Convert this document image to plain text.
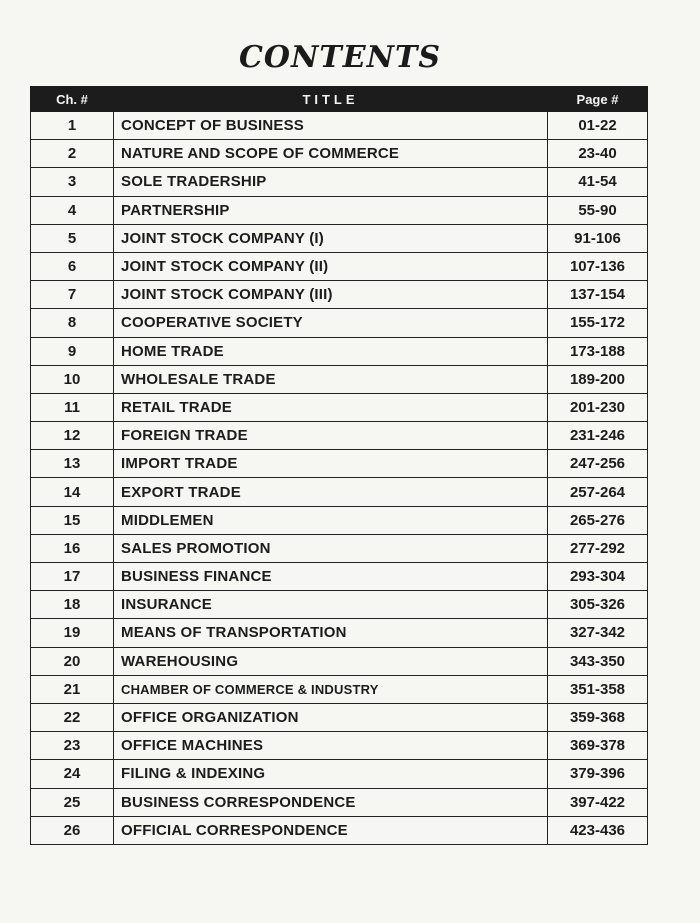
CONTENTS
Ch. #	TITLE	Page #
1	CONCEPT OF BUSINESS	01-22
2	NATURE AND SCOPE OF COMMERCE	23-40
3	SOLE TRADERSHIP	41-54
4	PARTNERSHIP	55-90
5	JOINT STOCK COMPANY (I)	91-106
6	JOINT STOCK COMPANY (II)	107-136
7	JOINT STOCK COMPANY (III)	137-154
8	COOPERATIVE SOCIETY	155-172
9	HOME TRADE	173-188
10	WHOLESALE TRADE	189-200
11	RETAIL TRADE	201-230
12	FOREIGN TRADE	231-246
13	IMPORT TRADE	247-256
14	EXPORT TRADE	257-264
15	MIDDLEMEN	265-276
16	SALES PROMOTION	277-292
17	BUSINESS FINANCE	293-304
18	INSURANCE	305-326
19	MEANS OF TRANSPORTATION	327-342
20	WAREHOUSING	343-350
21	CHAMBER OF COMMERCE & INDUSTRY	351-358
22	OFFICE ORGANIZATION	359-368
23	OFFICE MACHINES	369-378
24	FILING & INDEXING	379-396
25	BUSINESS CORRESPONDENCE	397-422
26	OFFICIAL CORRESPONDENCE	423-436
